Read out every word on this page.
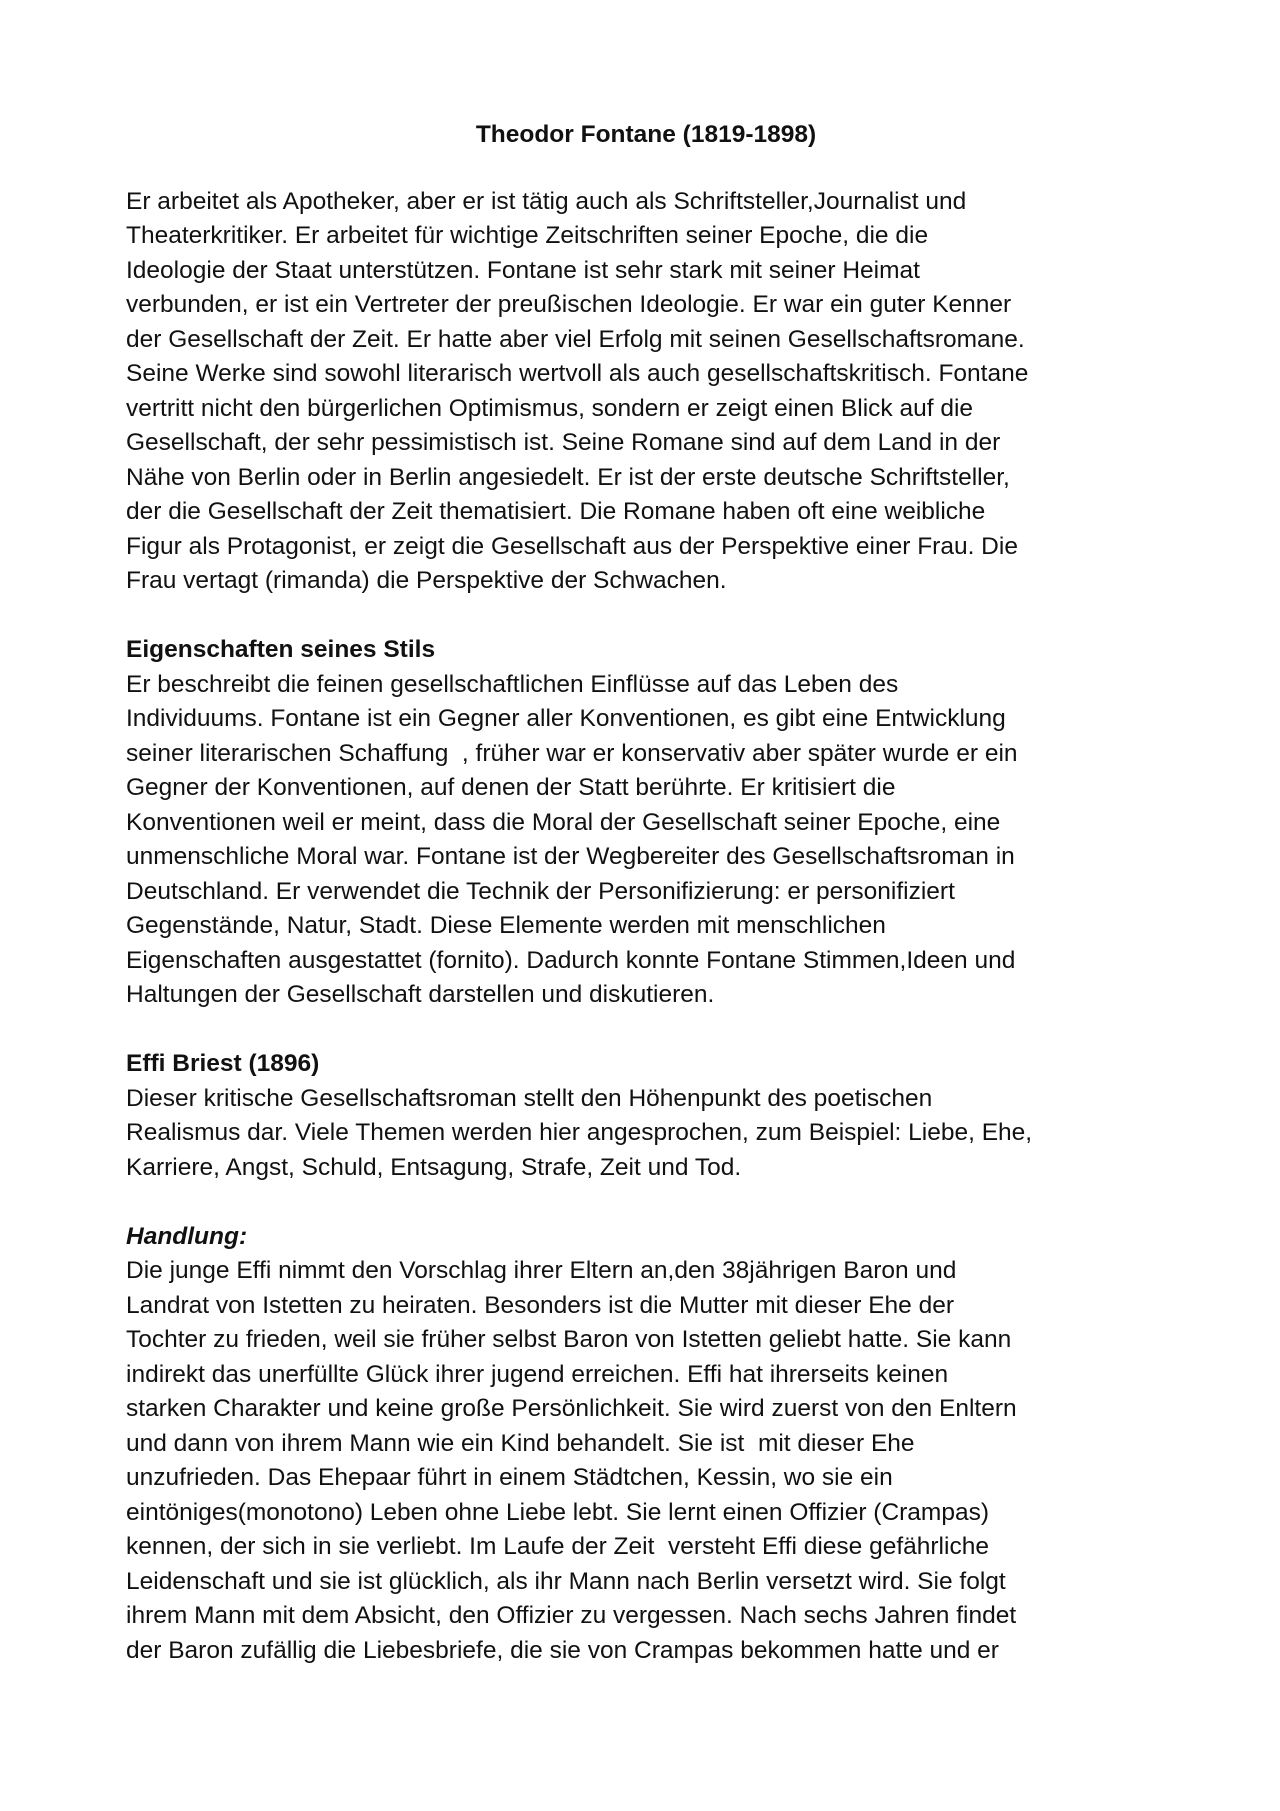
Theodor Fontane (1819-1898)
Er arbeitet als Apotheker, aber er ist tätig auch als Schriftsteller,Journalist und
Theaterkritiker. Er arbeitet für wichtige Zeitschriften seiner Epoche, die die
Ideologie der Staat unterstützen. Fontane ist sehr stark mit seiner Heimat
verbunden, er ist ein Vertreter der preußischen Ideologie. Er war ein guter Kenner
der Gesellschaft der Zeit. Er hatte aber viel Erfolg mit seinen Gesellschaftsromane.
Seine Werke sind sowohl literarisch wertvoll als auch gesellschaftskritisch. Fontane
vertritt nicht den bürgerlichen Optimismus, sondern er zeigt einen Blick auf die
Gesellschaft, der sehr pessimistisch ist. Seine Romane sind auf dem Land in der
Nähe von Berlin oder in Berlin angesiedelt. Er ist der erste deutsche Schriftsteller,
der die Gesellschaft der Zeit thematisiert. Die Romane haben oft eine weibliche
Figur als Protagonist, er zeigt die Gesellschaft aus der Perspektive einer Frau. Die
Frau vertagt (rimanda) die Perspektive der Schwachen.
Eigenschaften seines Stils
Er beschreibt die feinen gesellschaftlichen Einflüsse auf das Leben des
Individuums. Fontane ist ein Gegner aller Konventionen, es gibt eine Entwicklung
seiner literarischen Schaffung  , früher war er konservativ aber später wurde er ein
Gegner der Konventionen, auf denen der Statt berührte. Er kritisiert die
Konventionen weil er meint, dass die Moral der Gesellschaft seiner Epoche, eine
unmenschliche Moral war. Fontane ist der Wegbereiter des Gesellschaftsroman in
Deutschland. Er verwendet die Technik der Personifizierung: er personifiziert
Gegenstände, Natur, Stadt. Diese Elemente werden mit menschlichen
Eigenschaften ausgestattet (fornito). Dadurch konnte Fontane Stimmen,Ideen und
Haltungen der Gesellschaft darstellen und diskutieren.
Effi Briest (1896)
Dieser kritische Gesellschaftsroman stellt den Höhenpunkt des poetischen
Realismus dar. Viele Themen werden hier angesprochen, zum Beispiel: Liebe, Ehe,
Karriere, Angst, Schuld, Entsagung, Strafe, Zeit und Tod.
Handlung:
Die junge Effi nimmt den Vorschlag ihrer Eltern an,den 38jährigen Baron und
Landrat von Istetten zu heiraten. Besonders ist die Mutter mit dieser Ehe der
Tochter zu frieden, weil sie früher selbst Baron von Istetten geliebt hatte. Sie kann
indirekt das unerfüllte Glück ihrer jugend erreichen. Effi hat ihrerseits keinen
starken Charakter und keine große Persönlichkeit. Sie wird zuerst von den Enltern
und dann von ihrem Mann wie ein Kind behandelt. Sie ist  mit dieser Ehe
unzufrieden. Das Ehepaar führt in einem Städtchen, Kessin, wo sie ein
eintöniges(monotono) Leben ohne Liebe lebt. Sie lernt einen Offizier (Crampas)
kennen, der sich in sie verliebt. Im Laufe der Zeit  versteht Effi diese gefährliche
Leidenschaft und sie ist glücklich, als ihr Mann nach Berlin versetzt wird. Sie folgt
ihrem Mann mit dem Absicht, den Offizier zu vergessen. Nach sechs Jahren findet
der Baron zufällig die Liebesbriefe, die sie von Crampas bekommen hatte und er
